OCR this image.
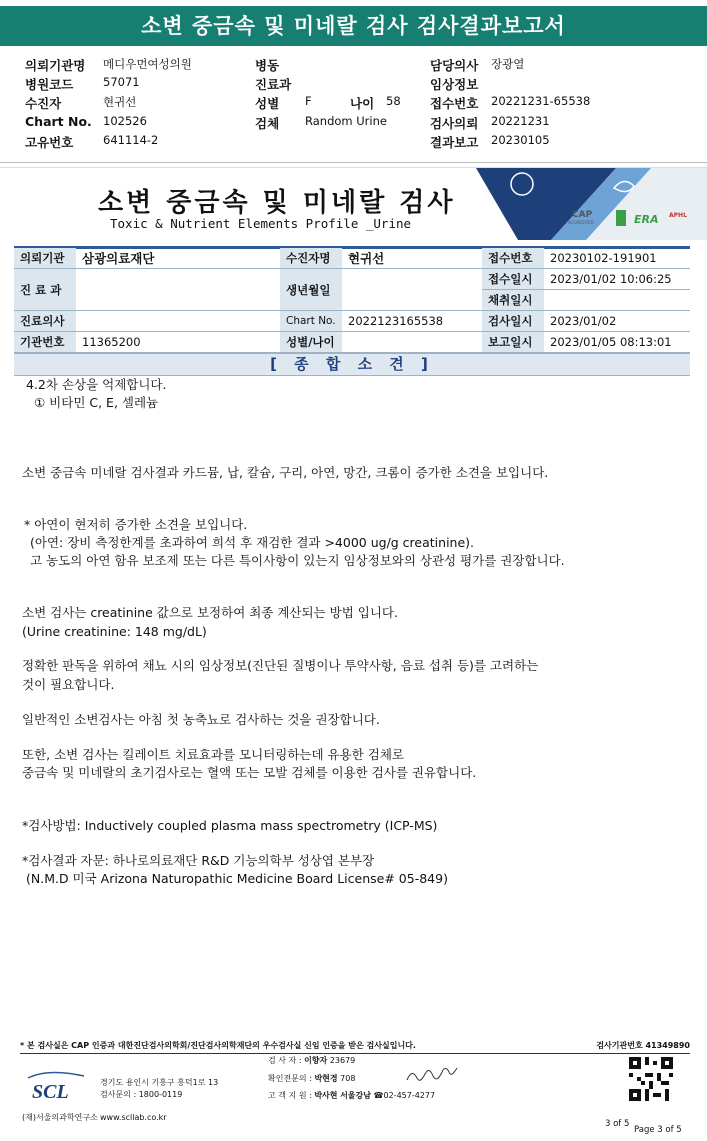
소변 중금속 및 미네랄 검사 검사결과보고서
의뢰기관명 메디우먼여성의원	병동	담당의사 장광열
병원코드	57071	진료과	임상정보
수진자	현귀선	성별 F	나이 58 접수번호 20221231-65538
Chart No. 102526	검체 Random Urine	검사의뢰 20221231
고유번호	641114-2	결과보고 20230105
소변 중금속 및 미네랄 검사
Toxic & Nutrient Elements Profile _Urine
CAP
ACCREDITED	ERA APHL
의뢰기관	삼광의료재단	수진자명	현귀선	접수번호	20230102-191901
진 료 과		생년월일		접수일시	2023/01/02 10:06:25
				채취일시	
진료의사		Chart No.	2022123165538	검사일시	2023/01/02
기관번호	11365200	성별/나이		보고일시	2023/01/05 08:13:01
[ 종 합 소 견 ]
4.2차 손상을 억제합니다.
① 비타민 C, E, 셀레늄
소변 중금속 미네랄 검사결과 카드뮴, 납, 칼슘, 구리, 아연, 망간, 크롬이 증가한 소견을 보입니다.
* 아연이 현저히 증가한 소견을 보입니다.
(아연: 장비 측정한계를 초과하여 희석 후 재검한 결과 >4000 ug/g creatinine).
고 농도의 아연 함유 보조제 또는 다른 특이사항이 있는지 임상정보와의 상관성 평가를 권장합니다.
소변 검사는 creatinine 값으로 보정하여 최종 계산되는 방법 입니다.
(Urine creatinine: 148 mg/dL)
정확한 판독을 위하여 채뇨 시의 임상정보(진단된 질병이나 투약사항, 음료 섭취 등)를 고려하는
것이 필요합니다.
일반적인 소변검사는 아침 첫 농축뇨로 검사하는 것을 권장합니다.
또한, 소변 검사는 킬레이트 치료효과를 모니터링하는데 유용한 검체로
중금속 및 미네랄의 초기검사로는 혈액 또는 모발 검체를 이용한 검사를 권유합니다.
*검사방법: Inductively coupled plasma mass spectrometry (ICP-MS)
*검사결과 자문: 하나로의료재단 R&D 기능의학부 성상엽 본부장
(N.M.D 미국 Arizona Naturopathic Medicine Board License# 05-849)
* 본 검사실은 CAP 인증과 대한진단검사의학회/진단검사의학재단의 우수검사실 신임 인증을 받은 검사실입니다.	검사기관번호 41349890
SCL
(재)서울의과학연구소
경기도 용인시 기흥구 흥덕1로 13
검사문의 : 1800-0119
www.scllab.co.kr
검 사 자 : 이향자 23679
확인전문의 : 박현경 708
고 객 지 원 : 박사현 서울강남 ☎02-457-4277
Page 3 of 5
3 of 5
